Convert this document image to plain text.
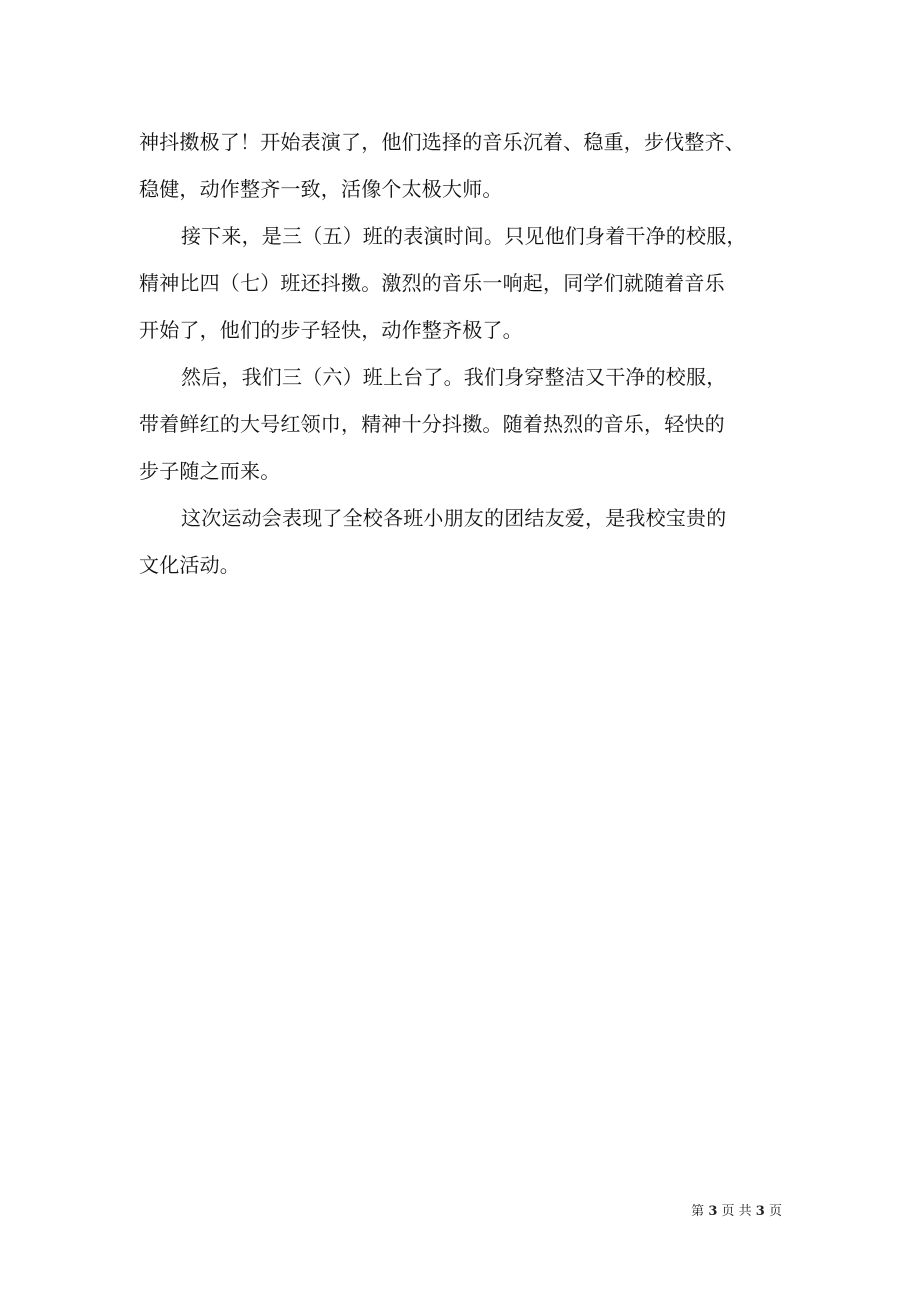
神抖擞极了！开始表演了，他们选择的音乐沉着、稳重，步伐整齐、
稳健，动作整齐一致，活像个太极大师。
接下来，是三（五）班的表演时间。只见他们身着干净的校服，
精神比四（七）班还抖擞。激烈的音乐一响起，同学们就随着音乐
开始了，他们的步子轻快，动作整齐极了。
然后，我们三（六）班上台了。我们身穿整洁又干净的校服，
带着鲜红的大号红领巾，精神十分抖擞。随着热烈的音乐，轻快的
步子随之而来。
这次运动会表现了全校各班小朋友的团结友爱，是我校宝贵的
文化活动。
第 3 页 共 3 页
